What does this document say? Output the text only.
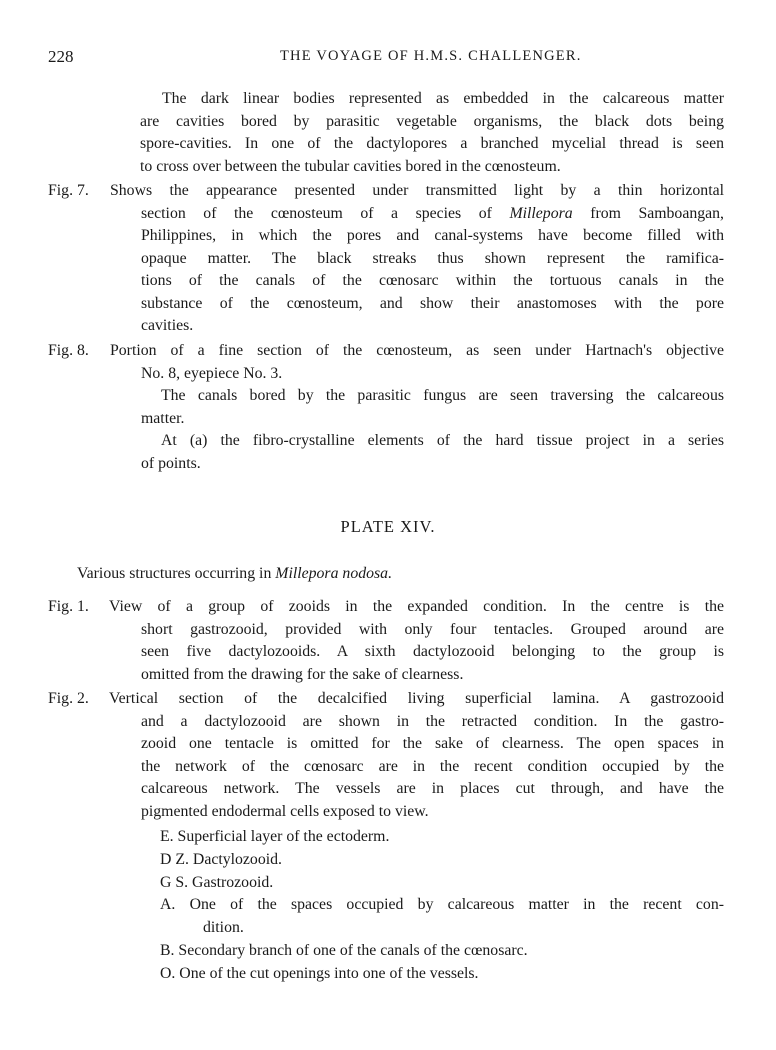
228	THE VOYAGE OF H.M.S. CHALLENGER.
The dark linear bodies represented as embedded in the calcareous matter
are cavities bored by parasitic vegetable organisms, the black dots being
spore-cavities. In one of the dactylopores a branched mycelial thread is seen
to cross over between the tubular cavities bored in the cœnosteum.
Fig. 7. Shows the appearance presented under transmitted light by a thin horizontal
section of the cœnosteum of a species of Millepora from Samboangan,
Philippines, in which the pores and canal-systems have become filled with
opaque matter. The black streaks thus shown represent the ramifica-
tions of the canals of the cœnosarc within the tortuous canals in the
substance of the cœnosteum, and show their anastomoses with the pore
cavities.
Fig. 8. Portion of a fine section of the cœnosteum, as seen under Hartnach's objective
No. 8, eyepiece No. 3.
The canals bored by the parasitic fungus are seen traversing the calcareous
matter.
At (a) the fibro-crystalline elements of the hard tissue project in a series
of points.
PLATE XIV.
Various structures occurring in Millepora nodosa.
Fig. 1. View of a group of zooids in the expanded condition. In the centre is the
short gastrozooid, provided with only four tentacles. Grouped around are
seen five dactylozooids. A sixth dactylozooid belonging to the group is
omitted from the drawing for the sake of clearness.
Fig. 2. Vertical section of the decalcified living superficial lamina. A gastrozooid
and a dactylozooid are shown in the retracted condition. In the gastro-
zooid one tentacle is omitted for the sake of clearness. The open spaces in
the network of the cœnosarc are in the recent condition occupied by the
calcareous network. The vessels are in places cut through, and have the
pigmented endodermal cells exposed to view.
E. Superficial layer of the ectoderm.
D Z. Dactylozooid.
G S. Gastrozooid.
A. One of the spaces occupied by calcareous matter in the recent con-
dition.
B. Secondary branch of one of the canals of the cœnosarc.
O. One of the cut openings into one of the vessels.
